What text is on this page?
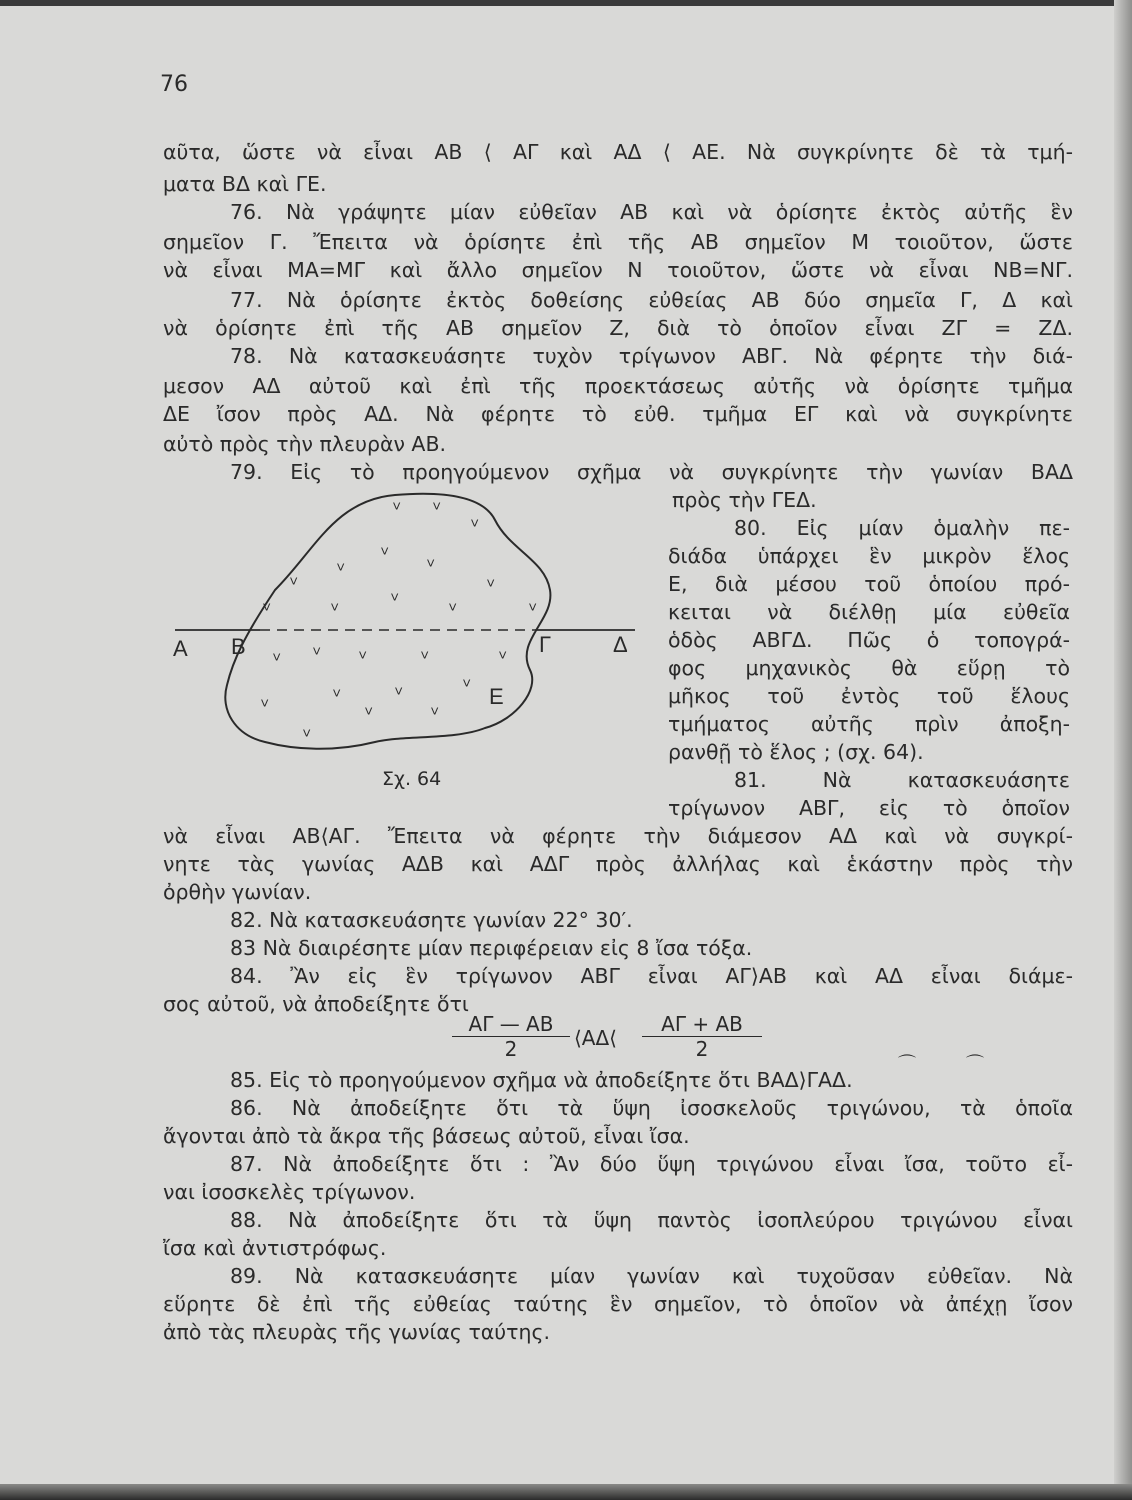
76
αῦτα, ὥστε νὰ εἶναι ΑΒ ⟨ ΑΓ καὶ ΑΔ ⟨ ΑΕ. Νὰ συγκρίνητε δὲ τὰ τμή-
ματα ΒΔ καὶ ΓΕ.
76. Νὰ γράψητε μίαν εὐθεῖαν ΑΒ καὶ νὰ ὁρίσητε ἐκτὸς αὐτῆς ἓν
σημεῖον Γ. Ἔπειτα νὰ ὁρίσητε ἐπὶ τῆς ΑΒ σημεῖον Μ τοιοῦτον, ὥστε
νὰ εἶναι ΜΑ=ΜΓ καὶ ἄλλο σημεῖον Ν τοιοῦτον, ὥστε νὰ εἶναι ΝΒ=ΝΓ.
77. Νὰ ὁρίσητε ἐκτὸς δοθείσης εὐθείας ΑΒ δύο σημεῖα Γ, Δ καὶ
νὰ ὁρίσητε ἐπὶ τῆς ΑΒ σημεῖον Ζ, διὰ τὸ ὁποῖον εἶναι ΖΓ = ΖΔ.
78. Νὰ κατασκευάσητε τυχὸν τρίγωνον ΑΒΓ. Νὰ φέρητε τὴν διά-
μεσον ΑΔ αὐτοῦ καὶ ἐπὶ τῆς προεκτάσεως αὐτῆς νὰ ὁρίσητε τμῆμα
ΔΕ ἴσον πρὸς ΑΔ. Νὰ φέρητε τὸ εὐθ. τμῆμα ΕΓ καὶ νὰ συγκρίνητε
αὐτὸ πρὸς τὴν πλευρὰν ΑΒ.
79. Εἰς τὸ προηγούμενον σχῆμα νὰ συγκρίνητε τὴν γωνίαν ΒΑΔ
πρὸς τὴν ΓΕΔ.
80. Εἰς μίαν ὁμαλὴν πε-
διάδα ὑπάρχει ἓν μικρὸν ἕλος
Ε, διὰ μέσου τοῦ ὁποίου πρό-
κειται νὰ διέλθῃ μία εὐθεῖα
ὁδὸς ΑΒΓΔ. Πῶς ὁ τοπογρά-
φος μηχανικὸς θὰ εὕρῃ τὸ
μῆκος τοῦ ἐντὸς τοῦ ἕλους
τμήματος αὐτῆς πρὶν ἀποξη-
ρανθῇ τὸ ἕλος ; (σχ. 64).
81. Νὰ κατασκευάσητε
τρίγωνον ΑΒΓ, εἰς τὸ ὁποῖον
νὰ εἶναι ΑΒ⟨ΑΓ. Ἔπειτα νὰ φέρητε τὴν διάμεσον ΑΔ καὶ νὰ συγκρί-
νητε τὰς γωνίας ΑΔΒ καὶ ΑΔΓ πρὸς ἀλλήλας καὶ ἑκάστην πρὸς τὴν
ὀρθὴν γωνίαν.
82. Νὰ κατασκευάσητε γωνίαν 22° 30′.
83 Νὰ διαιρέσητε μίαν περιφέρειαν εἰς 8 ἴσα τόξα.
84. Ἂν εἰς ἓν τρίγωνον ΑΒΓ εἶναι ΑΓ⟩ΑΒ καὶ ΑΔ εἶναι διάμε-
σος αὐτοῦ, νὰ ἀποδείξητε ὅτι
$\frac{A\Gamma — AB}{2}$ ⟨ΑΔ⟨ $\frac{A\Gamma + AB}{2}$
85. Εἰς τὸ προηγούμενον σχῆμα νὰ ἀποδείξητε ὅτι ΒΑΔ⟩ΓΑΔ.
⌒	⌒
86. Νὰ ἀποδείξητε ὅτι τὰ ὕψη ἰσοσκελοῦς τριγώνου, τὰ ὁποῖα
ἄγονται ἀπὸ τὰ ἄκρα τῆς βάσεως αὐτοῦ, εἶναι ἴσα.
87. Νὰ ἀποδείξητε ὅτι : Ἂν δύο ὕψη τριγώνου εἶναι ἴσα, τοῦτο εἶ-
ναι ἰσοσκελὲς τρίγωνον.
88. Νὰ ἀποδείξητε ὅτι τὰ ὕψη παντὸς ἰσοπλεύρου τριγώνου εἶναι
ἴσα καὶ ἀντιστρόφως.
89. Νὰ κατασκευάσητε μίαν γωνίαν καὶ τυχοῦσαν εὐθεῖαν. Νὰ
εὕρητε δὲ ἐπὶ τῆς εὐθείας ταύτης ἓν σημεῖον, τὸ ὁποῖον νὰ ἀπέχῃ ἴσον
ἀπὸ τὰς πλευρὰς τῆς γωνίας ταύτης.
Α Β	Γ	Δ
Ε
ⱽ ⱽ
ⱽ
ⱽ
ⱽ
ⱽ
ⱽ
ⱽ
ⱽ	ⱽ	ⱽ	ⱽ	ⱽ
ⱽ ⱽ ⱽ	ⱽ	ⱽ
ⱽ	ⱽ	ⱽ
ⱽ	ⱽ	ⱽ
ⱽ
Σχ. 64
